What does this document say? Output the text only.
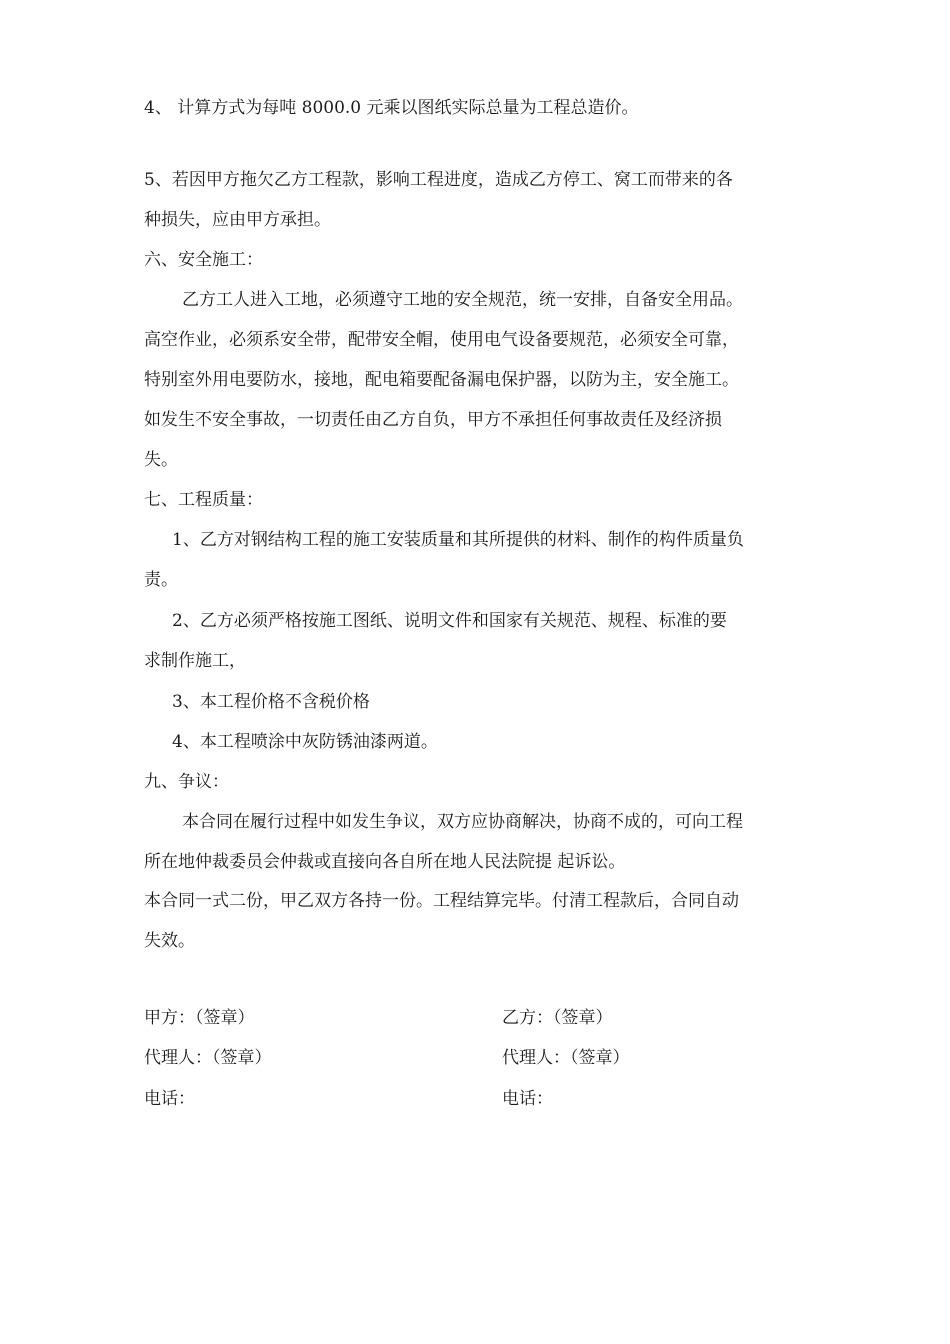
4、 计算方式为每吨 8000.0 元乘以图纸实际总量为工程总造价。
5、若因甲方拖欠乙方工程款，影响工程进度，造成乙方停工、窝工而带来的各
种损失，应由甲方承担。
六、安全施工：
乙方工人进入工地，必须遵守工地的安全规范，统一安排，自备安全用品。
高空作业，必须系安全带，配带安全帽，使用电气设备要规范，必须安全可靠，
特别室外用电要防水，接地，配电箱要配备漏电保护器，以防为主，安全施工。
如发生不安全事故，一切责任由乙方自负，甲方不承担任何事故责任及经济损
失。
七、工程质量：
1、乙方对钢结构工程的施工安装质量和其所提供的材料、制作的构件质量负
责。
2、乙方必须严格按施工图纸、说明文件和国家有关规范、规程、标准的要
求制作施工，
3、本工程价格不含税价格
4、本工程喷涂中灰防锈油漆两道。
九、争议：
本合同在履行过程中如发生争议，双方应协商解决，协商不成的，可向工程
所在地仲裁委员会仲裁或直接向各自所在地人民法院提 起诉讼。
本合同一式二份，甲乙双方各持一份。工程结算完毕。付清工程款后，合同自动
失效。
甲方：（签章）	乙方：（签章）
代理人：（签章）	代理人：（签章）
电话：	电话：
